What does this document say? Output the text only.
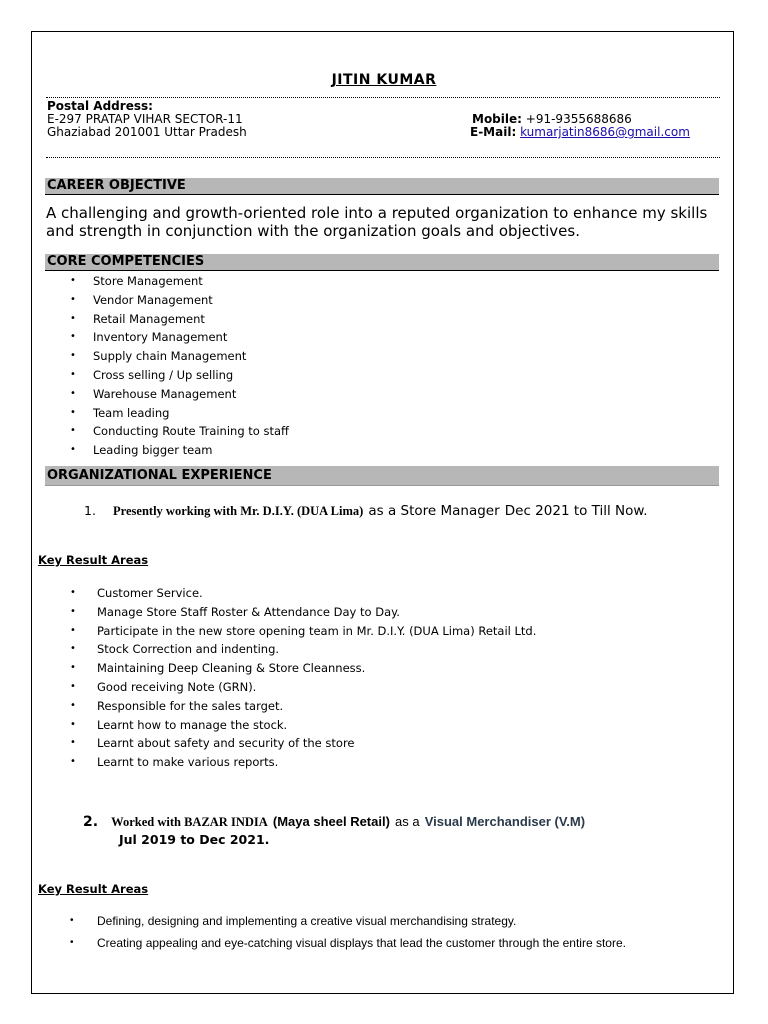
JITIN KUMAR
Postal Address:
E-297 PRATAP VIHAR SECTOR-11
Ghaziabad 201001 Uttar Pradesh
Mobile: +91-9355688686
E-Mail: kumarjatin8686@gmail.com
CAREER OBJECTIVE
A challenging and growth-oriented role into a reputed organization to enhance my skills and strength in conjunction with the organization goals and objectives.
CORE COMPETENCIES
• Store Management
• Vendor Management
• Retail Management
• Inventory Management
• Supply chain Management
• Cross selling / Up selling
• Warehouse Management
• Team leading
• Conducting Route Training to staff
• Leading bigger team
ORGANIZATIONAL EXPERIENCE
1. Presently working with Mr. D.I.Y. (DUA Lima) as a Store Manager Dec 2021 to Till Now.
Key Result Areas
• Customer Service.
• Manage Store Staff Roster & Attendance Day to Day.
• Participate in the new store opening team in Mr. D.I.Y. (DUA Lima) Retail Ltd.
• Stock Correction and indenting.
• Maintaining Deep Cleaning & Store Cleanness.
• Good receiving Note (GRN).
• Responsible for the sales target.
• Learnt how to manage the stock.
• Learnt about safety and security of the store
• Learnt to make various reports.
2. Worked with BAZAR INDIA (Maya sheel Retail) as a Visual Merchandiser (V.M)
Jul 2019 to Dec 2021.
Key Result Areas
• Defining, designing and implementing a creative visual merchandising strategy.
• Creating appealing and eye-catching visual displays that lead the customer through the entire store.
